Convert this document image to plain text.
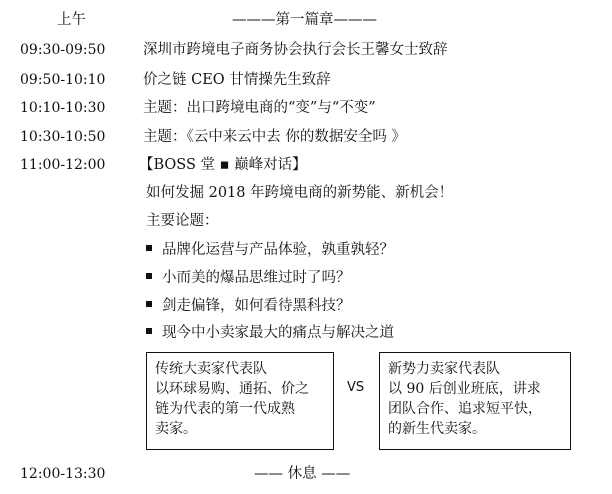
上午	———第一篇章———
09:30-09:50	深圳市跨境电子商务协会执行会长王馨女士致辞
09:50-10:10	价之链 CEO 甘情操先生致辞
10:10-10:30	主题：出口跨境电商的“变”与“不变”
10:30-10:50	主题：《云中来云中去 你的数据安全吗 》
11:00-12:00 【BOSS 堂 ▪ 巅峰对话】
如何发掘 2018 年跨境电商的新势能、新机会！
主要论题：
品牌化运营与产品体验，孰重孰轻？
小而美的爆品思维过时了吗？
剑走偏锋，如何看待黑科技？
现今中小卖家最大的痛点与解决之道
传统大卖家代表队
以环球易购、通拓、价之
链为代表的第一代成熟
卖家。
VS
新势力卖家代表队
以 90 后创业班底，讲求
团队合作、追求短平快，
的新生代卖家。
12:00-13:30	—— 休息 ——
